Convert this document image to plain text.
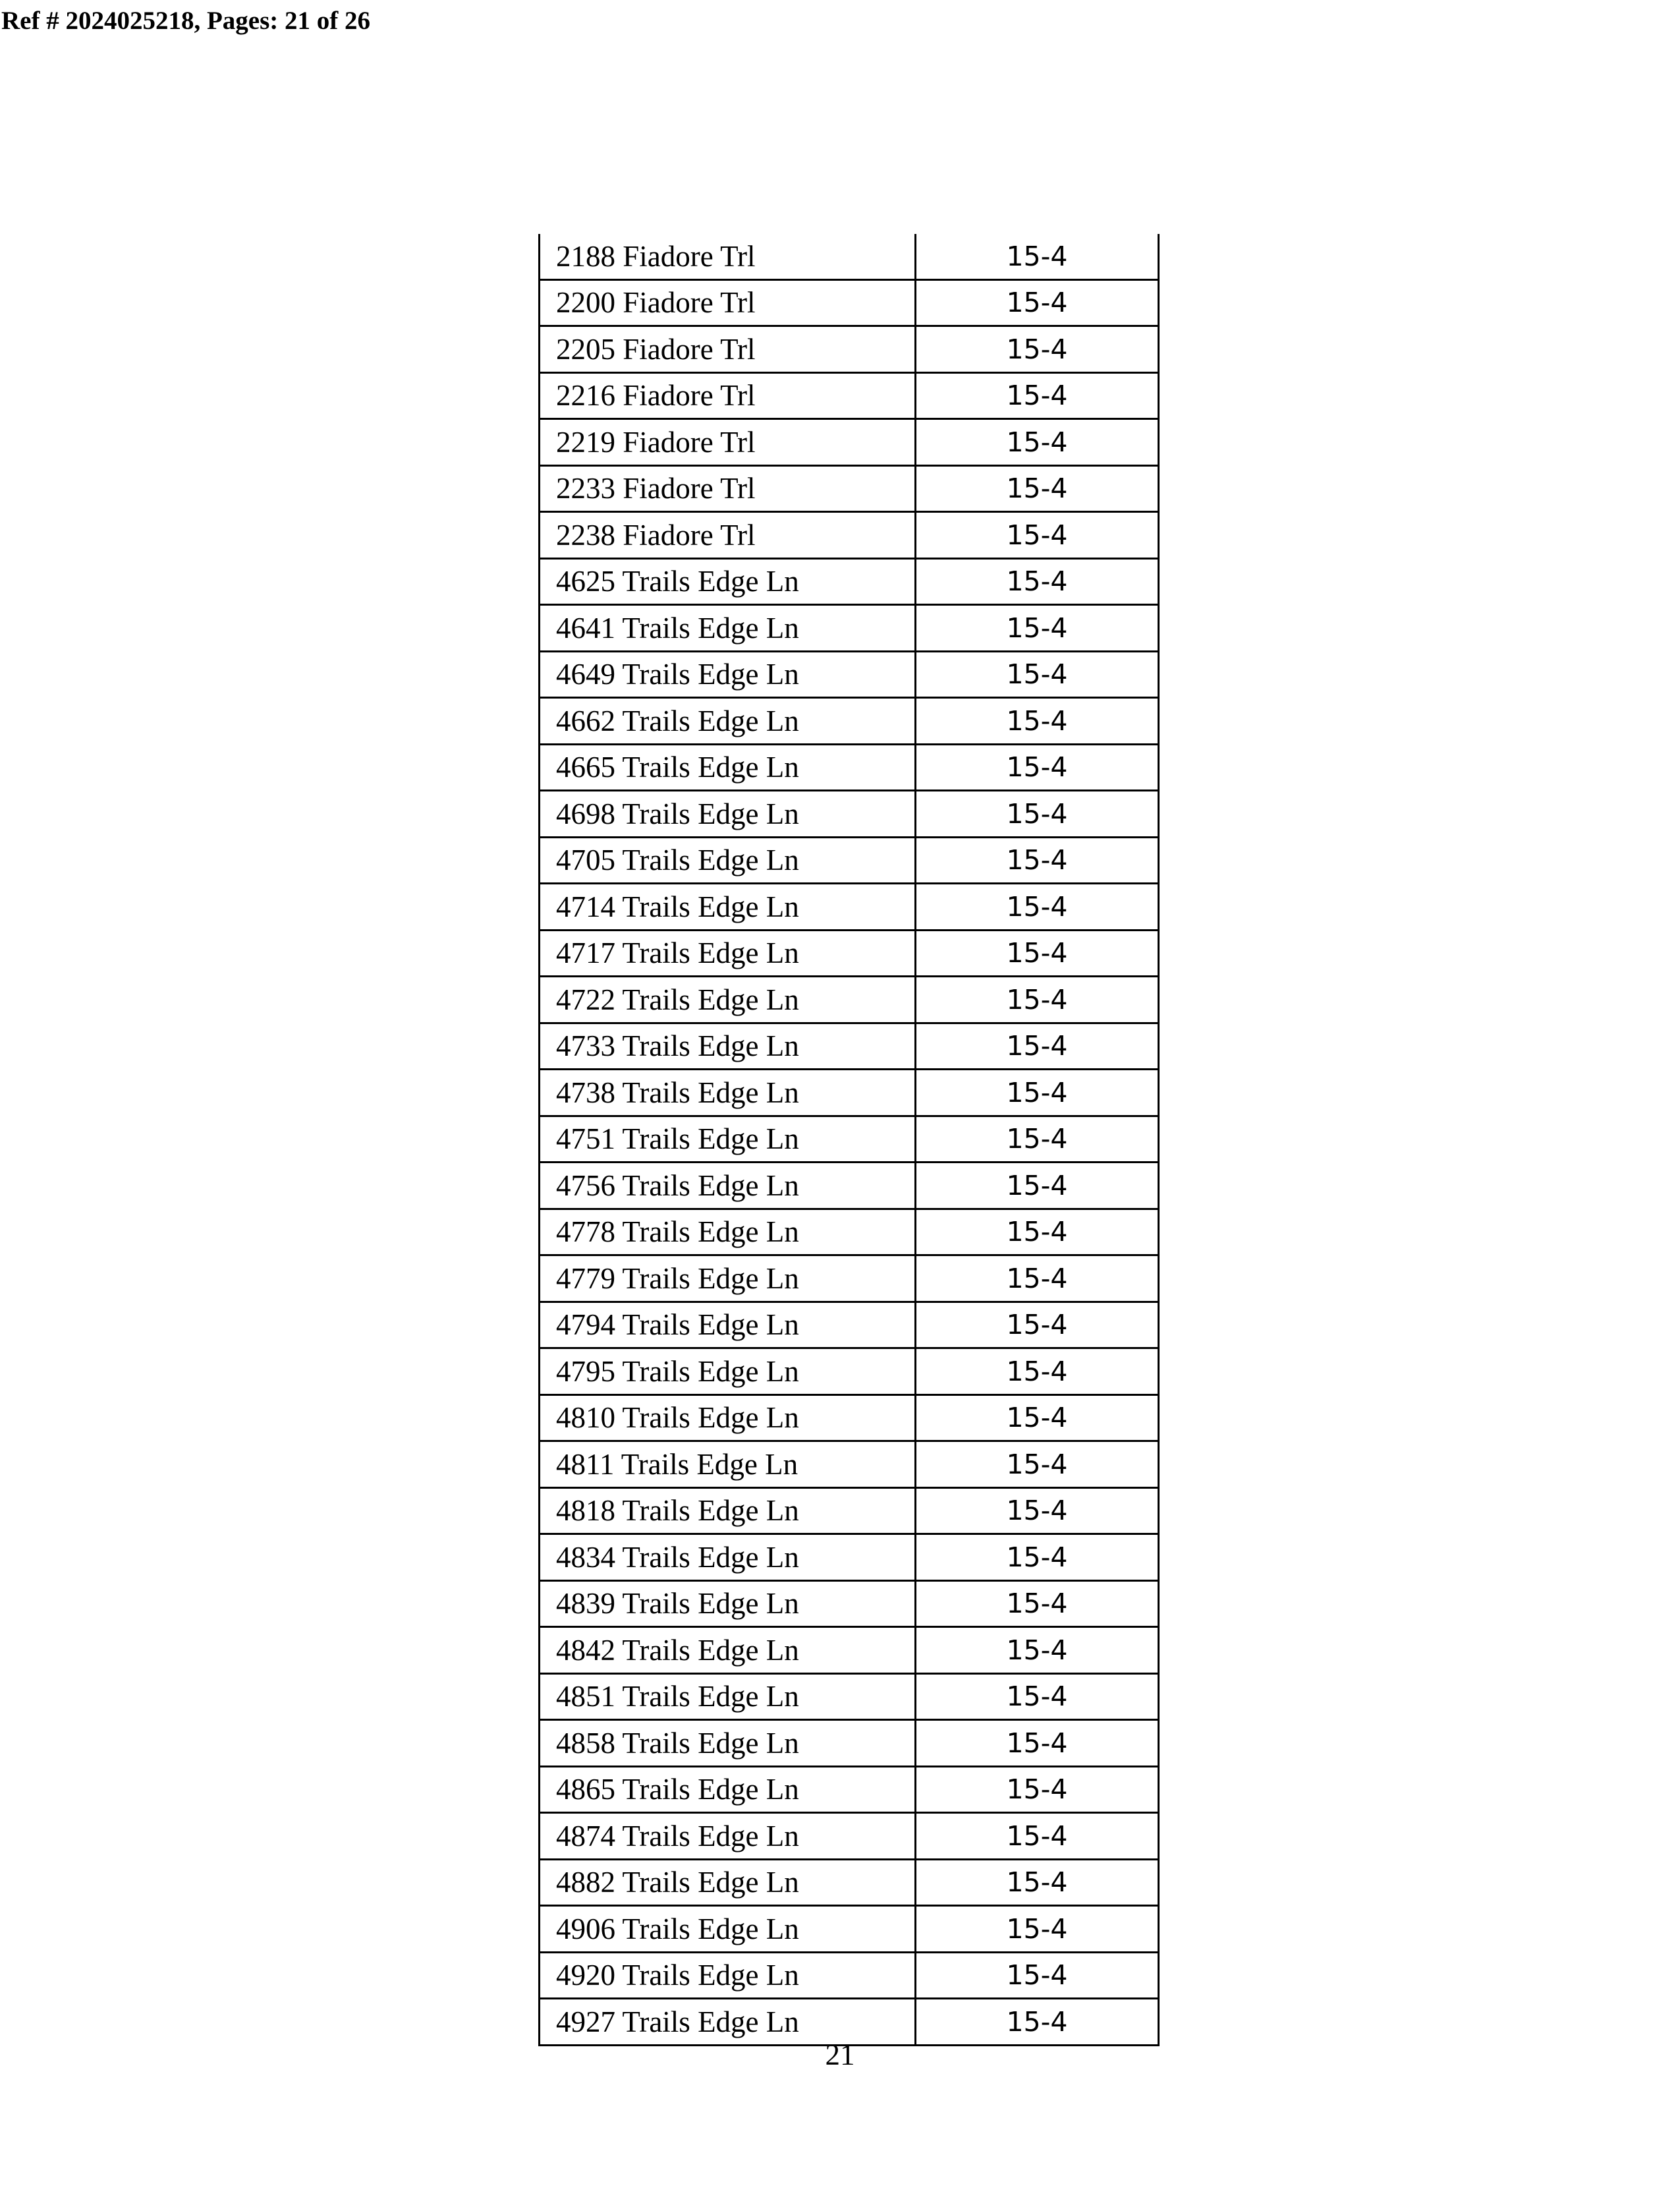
Ref # 2024025218, Pages: 21 of 26
2188 Fiadore Trl	15-4
2200 Fiadore Trl	15-4
2205 Fiadore Trl	15-4
2216 Fiadore Trl	15-4
2219 Fiadore Trl	15-4
2233 Fiadore Trl	15-4
2238 Fiadore Trl	15-4
4625 Trails Edge Ln	15-4
4641 Trails Edge Ln	15-4
4649 Trails Edge Ln	15-4
4662 Trails Edge Ln	15-4
4665 Trails Edge Ln	15-4
4698 Trails Edge Ln	15-4
4705 Trails Edge Ln	15-4
4714 Trails Edge Ln	15-4
4717 Trails Edge Ln	15-4
4722 Trails Edge Ln	15-4
4733 Trails Edge Ln	15-4
4738 Trails Edge Ln	15-4
4751 Trails Edge Ln	15-4
4756 Trails Edge Ln	15-4
4778 Trails Edge Ln	15-4
4779 Trails Edge Ln	15-4
4794 Trails Edge Ln	15-4
4795 Trails Edge Ln	15-4
4810 Trails Edge Ln	15-4
4811 Trails Edge Ln	15-4
4818 Trails Edge Ln	15-4
4834 Trails Edge Ln	15-4
4839 Trails Edge Ln	15-4
4842 Trails Edge Ln	15-4
4851 Trails Edge Ln	15-4
4858 Trails Edge Ln	15-4
4865 Trails Edge Ln	15-4
4874 Trails Edge Ln	15-4
4882 Trails Edge Ln	15-4
4906 Trails Edge Ln	15-4
4920 Trails Edge Ln	15-4
4927 Trails Edge Ln	15-4
21
